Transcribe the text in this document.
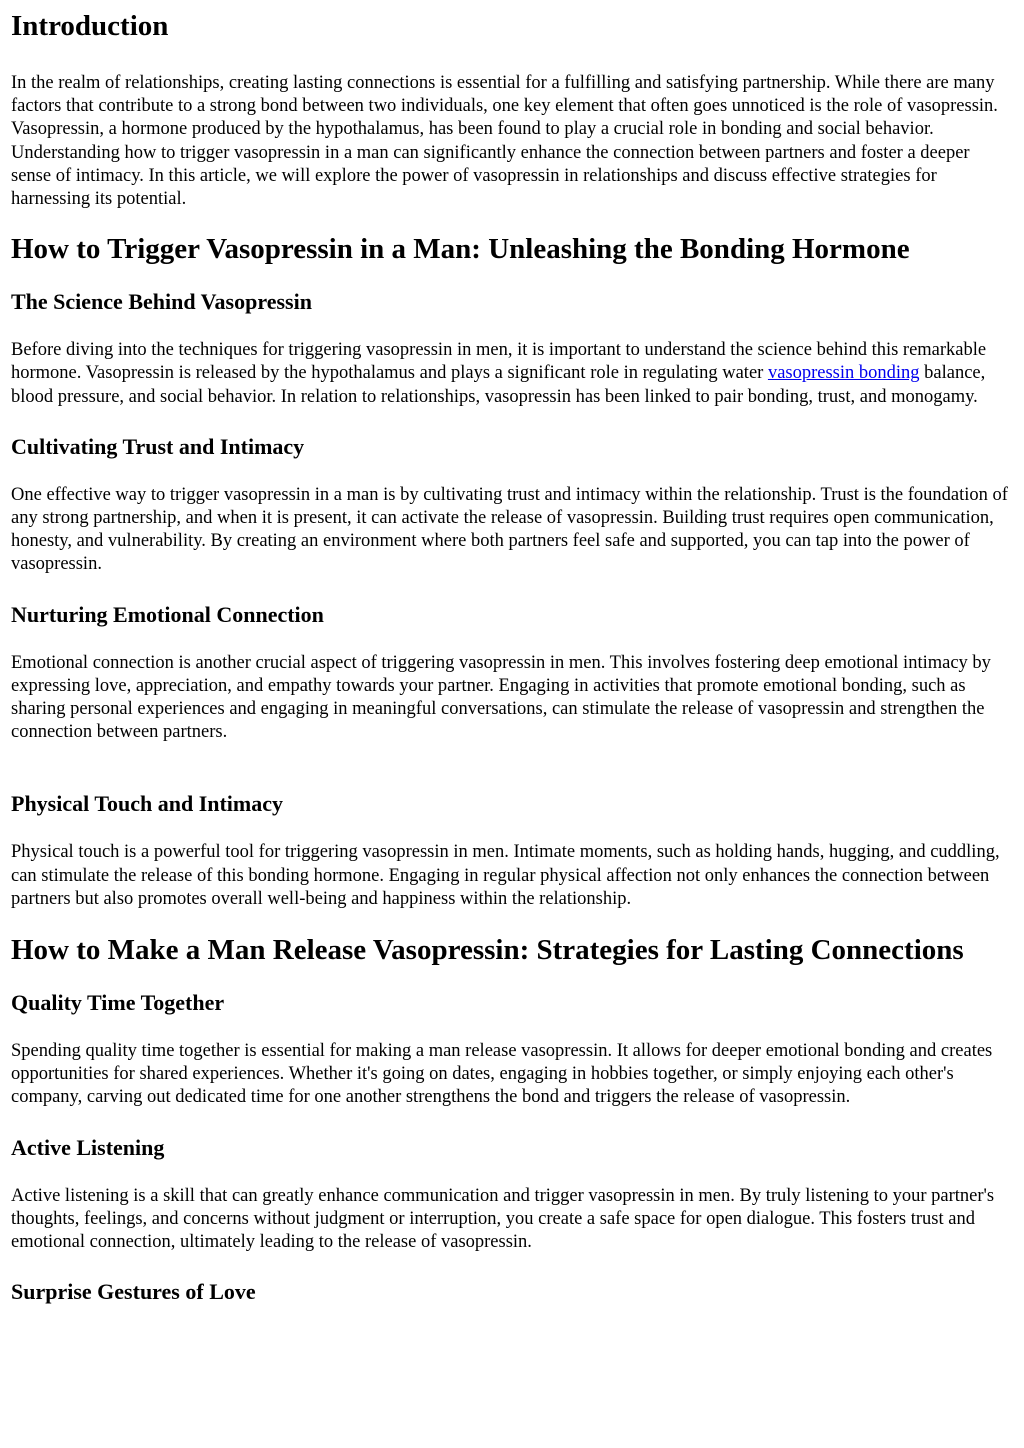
Introduction

In the realm of relationships, creating lasting connections is essential for a fulfilling and satisfying partnership. While there are many factors that contribute to a strong bond between two individuals, one key element that often goes unnoticed is the role of vasopressin. Vasopressin, a hormone produced by the hypothalamus, has been found to play a crucial role in bonding and social behavior. Understanding how to trigger vasopressin in a man can significantly enhance the connection between partners and foster a deeper sense of intimacy. In this article, we will explore the power of vasopressin in relationships and discuss effective strategies for harnessing its potential.

How to Trigger Vasopressin in a Man: Unleashing the Bonding Hormone
The Science Behind Vasopressin

Before diving into the techniques for triggering vasopressin in men, it is important to understand the science behind this remarkable hormone. Vasopressin is released by the hypothalamus and plays a significant role in regulating water vasopressin bonding balance, blood pressure, and social behavior. In relation to relationships, vasopressin has been linked to pair bonding, trust, and monogamy.

Cultivating Trust and Intimacy

One effective way to trigger vasopressin in a man is by cultivating trust and intimacy within the relationship. Trust is the foundation of any strong partnership, and when it is present, it can activate the release of vasopressin. Building trust requires open communication, honesty, and vulnerability. By creating an environment where both partners feel safe and supported, you can tap into the power of vasopressin.

Nurturing Emotional Connection

Emotional connection is another crucial aspect of triggering vasopressin in men. This involves fostering deep emotional intimacy by expressing love, appreciation, and empathy towards your partner. Engaging in activities that promote emotional bonding, such as sharing personal experiences and engaging in meaningful conversations, can stimulate the release of vasopressin and strengthen the connection between partners.

Physical Touch and Intimacy

Physical touch is a powerful tool for triggering vasopressin in men. Intimate moments, such as holding hands, hugging, and cuddling, can stimulate the release of this bonding hormone. Engaging in regular physical affection not only enhances the connection between partners but also promotes overall well-being and happiness within the relationship.

How to Make a Man Release Vasopressin: Strategies for Lasting Connections
Quality Time Together

Spending quality time together is essential for making a man release vasopressin. It allows for deeper emotional bonding and creates opportunities for shared experiences. Whether it's going on dates, engaging in hobbies together, or simply enjoying each other's company, carving out dedicated time for one another strengthens the bond and triggers the release of vasopressin.

Active Listening

Active listening is a skill that can greatly enhance communication and trigger vasopressin in men. By truly listening to your partner's thoughts, feelings, and concerns without judgment or interruption, you create a safe space for open dialogue. This fosters trust and emotional connection, ultimately leading to the release of vasopressin.

Surprise Gestures of Love
